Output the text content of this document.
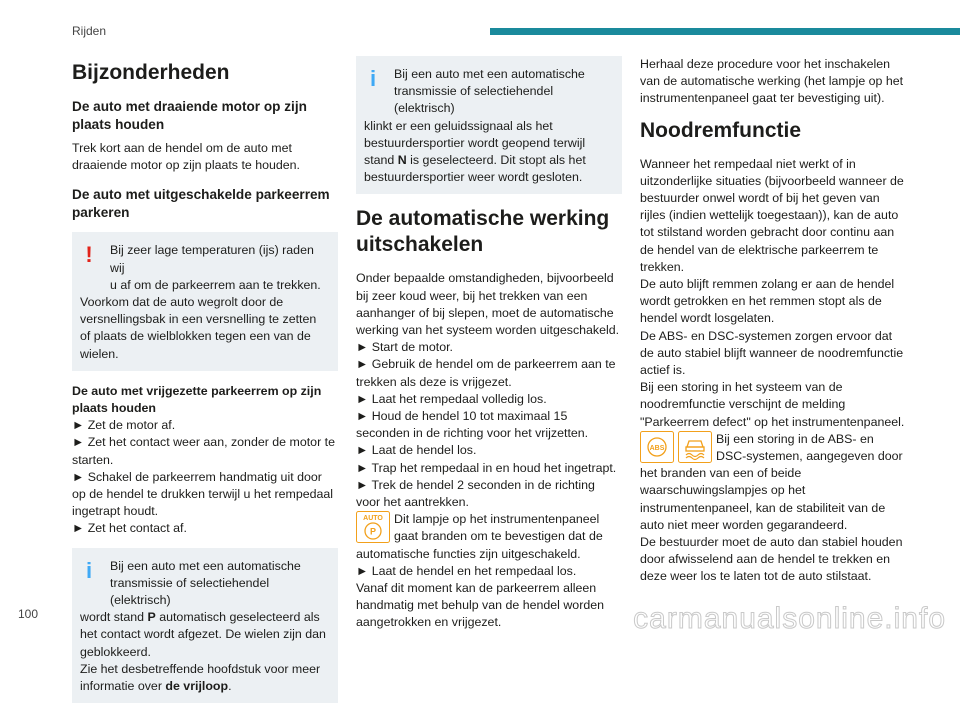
Rijden
Bijzonderheden
De auto met draaiende motor op zijn plaats houden

Trek kort aan de hendel om de auto met draaiende motor op zijn plaats te houden.

De auto met uitgeschakelde parkeerrem parkeren
!	Bij zeer lage temperaturen (ijs) raden wij
u af om de parkeerrem aan te trekken.
Voorkom dat de auto wegrolt door de
versnellingsbak in een versnelling te zetten
of plaats de wielblokken tegen een van de
wielen.

De auto met vrijgezette parkeerrem op zijn plaats houden

► Zet de motor af.
► Zet het contact weer aan, zonder de motor te starten.
► Schakel de parkeerrem handmatig uit door op de hendel te drukken terwijl u het rempedaal ingetrapt houdt.
► Zet het contact af.
i	Bij een auto met een automatische
transmissie of selectiehendel (elektrisch)
wordt stand P automatisch geselecteerd als
het contact wordt afgezet. De wielen zijn dan
geblokkeerd.
Zie het desbetreffende hoofdstuk voor meer
informatie over de vrijloop.
i	Bij een auto met een automatische
transmissie of selectiehendel (elektrisch)
klinkt er een geluidssignaal als het
bestuurdersportier wordt geopend terwijl
stand N is geselecteerd. Dit stopt als het
bestuurdersportier weer wordt gesloten.
De automatische werking uitschakelen

Onder bepaalde omstandigheden, bijvoorbeeld bij zeer koud weer, bij het trekken van een aanhanger of bij slepen, moet de automatische werking van het systeem worden uitgeschakeld.

► Start de motor.
► Gebruik de hendel om de parkeerrem aan te trekken als deze is vrijgezet.
► Laat het rempedaal volledig los.
► Houd de hendel 10 tot maximaal 15 seconden in de richting voor het vrijzetten.
► Laat de hendel los.
► Trap het rempedaal in en houd het ingetrapt.
► Trek de hendel 2 seconden in de richting voor het aantrekken.

AUTO
P
Dit lampje op het instrumentenpaneel gaat branden om te bevestigen dat de automatische functies zijn uitgeschakeld.

► Laat de hendel en het rempedaal los.

Vanaf dit moment kan de parkeerrem alleen handmatig met behulp van de hendel worden aangetrokken en vrijgezet.

Herhaal deze procedure voor het inschakelen van de automatische werking (het lampje op het instrumentenpaneel gaat ter bevestiging uit).

Noodremfunctie

Wanneer het rempedaal niet werkt of in uitzonderlijke situaties (bijvoorbeeld wanneer de bestuurder onwel wordt of bij het geven van rijles (indien wettelijk toegestaan)), kan de auto tot stilstand worden gebracht door continu aan de hendel van de elektrische parkeerrem te trekken.

De auto blijft remmen zolang er aan de hendel wordt getrokken en het remmen stopt als de hendel wordt losgelaten.

De ABS- en DSC-systemen zorgen ervoor dat de auto stabiel blijft wanneer de noodremfunctie actief is.

Bij een storing in het systeem van de noodremfunctie verschijnt de melding "Parkeerrem defect" op het instrumentenpaneel.

ABS
Bij een storing in de ABS- en DSC-systemen, aangegeven door het branden van een of beide waarschuwingslampjes op het instrumentenpaneel, kan de stabiliteit van de auto niet meer worden gegarandeerd.

De bestuurder moet de auto dan stabiel houden door afwisselend aan de hendel te trekken en deze weer los te laten tot de auto stilstaat.

100	carmanualsonline.info
